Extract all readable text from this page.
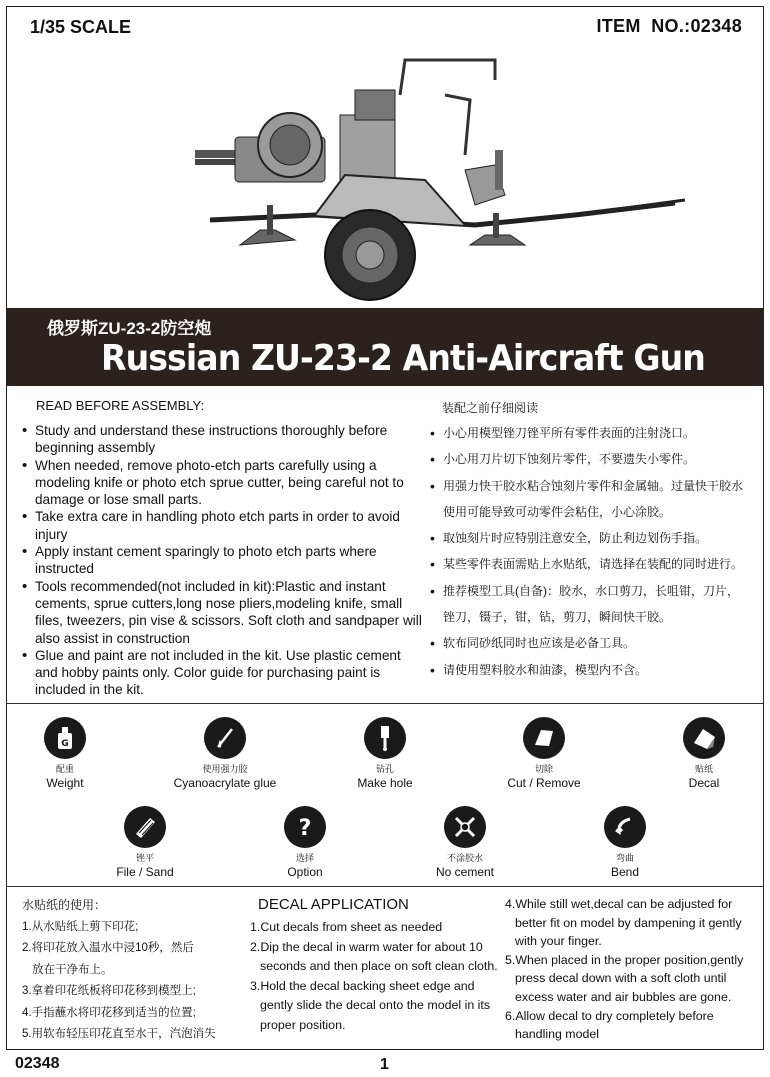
1/35 SCALE	ITEM  NO.:02348
俄罗斯ZU-23-2防空炮
Russian ZU-23-2 Anti-Aircraft Gun
READ BEFORE ASSEMBLY:
• Study and understand these instructions thoroughly before beginning assembly
• When needed, remove photo-etch parts carefully using a modeling knife or photo etch sprue cutter, being careful not to damage or lose small parts.
• Take extra care in handling photo etch parts in order to avoid injury
• Apply instant cement sparingly to photo etch parts where instructed
• Tools recommended(not included in kit):Plastic and instant cements, sprue cutters,long nose pliers,modeling knife, small files, tweezers, pin vise & scissors. Soft cloth and sandpaper will also assist in construction
• Glue and paint are not included in the kit. Use plastic cement and hobby paints only. Color guide for purchasing paint is included in the kit.
装配之前仔细阅读
• 小心用模型锉刀锉平所有零件表面的注射浇口。
• 小心用刀片切下蚀刻片零件，不要遗失小零件。
• 用强力快干胶水粘合蚀刻片零件和金属轴。过量快干胶水使用可能导致可动零件会粘住，小心涂胶。
• 取蚀刻片时应特别注意安全，防止利边划伤手指。
• 某些零件表面需贴上水贴纸，请选择在装配的同时进行。
• 推荐模型工具(自备)：胶水，水口剪刀，长咀钳，刀片，锉刀，镊子，钳，钻，剪刀，瞬间快干胶。
• 软布同砂纸同时也应该是必备工具。
• 请使用塑料胶水和油漆，模型内不含。
G
配重
Weight
使用强力胶
Cyanoacrylate glue
钻孔
Make hole
切除
Cut / Remove
贴纸
Decal
锉平
File / Sand
?
选择
Option
不涂胶水
No cement
弯曲
Bend
水贴纸的使用：
1.从水贴纸上剪下印花;
2.将印花放入温水中浸10秒，然后
放在干净布上。
3.拿着印花纸板将印花移到模型上;
4.手指蘸水将印花移到适当的位置;
5.用软布轻压印花直至水干，汽泡消失
DECAL APPLICATION
1.Cut decals from sheet as needed
2.Dip the decal in warm water for about 10
seconds and then place on soft clean cloth.
3.Hold the decal backing sheet edge and
gently slide the decal onto the model in its
proper position.
4.While still wet,decal can be adjusted for
better fit on model by dampening it gently
with your finger.
5.When placed in the proper position,gently
press decal down with a soft cloth until
excess water and air bubbles are gone.
6.Allow decal to dry completely before
handling model
02348	1
